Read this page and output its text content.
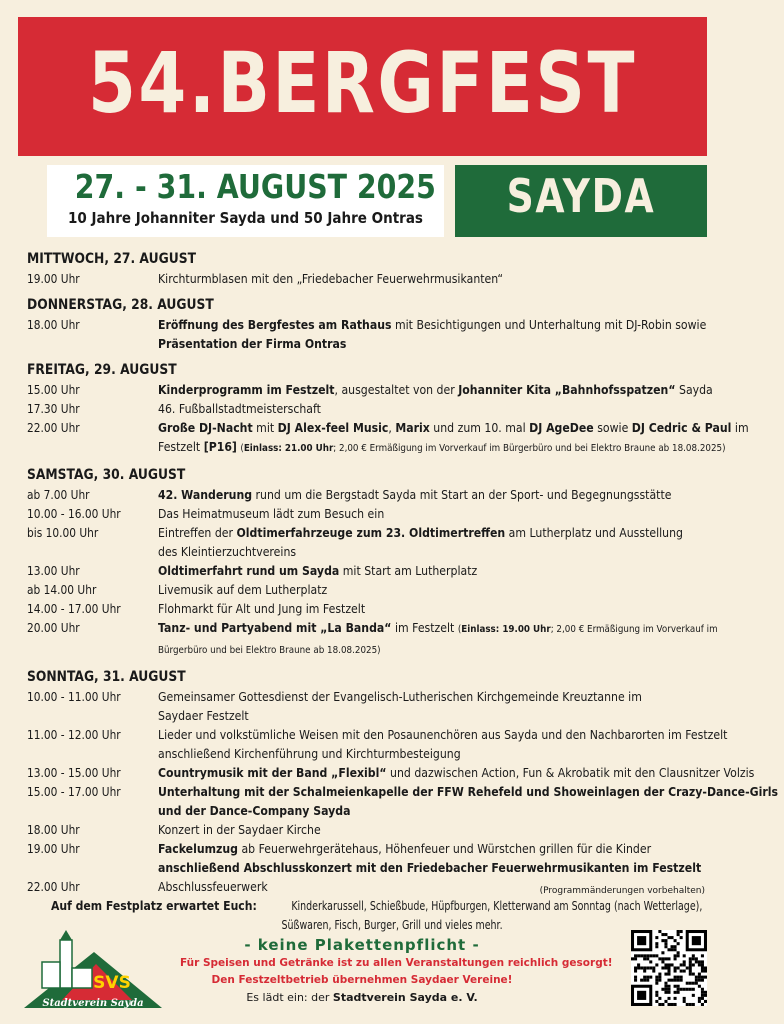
54.BERGFEST
27. - 31. AUGUST 2025
10 Jahre Johanniter Sayda und 50 Jahre Ontras	SAYDA
MITTWOCH, 27. AUGUST
19.00 Uhr	Kirchturmblasen mit den „Friedebacher Feuerwehrmusikanten“
DONNERSTAG, 28. AUGUST
18.00 Uhr	Eröffnung des Bergfestes am Rathaus mit Besichtigungen und Unterhaltung mit DJ-Robin sowie
Präsentation der Firma Ontras
FREITAG, 29. AUGUST
15.00 Uhr	Kinderprogramm im Festzelt, ausgestaltet von der Johanniter Kita „Bahnhofsspatzen“ Sayda
17.30 Uhr	46. Fußballstadtmeisterschaft
22.00 Uhr	Große DJ-Nacht mit DJ Alex-feel Music, Marix und zum 10. mal DJ AgeDee sowie DJ Cedric & Paul im
Festzelt [P16] (Einlass: 21.00 Uhr; 2,00 € Ermäßigung im Vorverkauf im Bürgerbüro und bei Elektro Braune ab 18.08.2025)
SAMSTAG, 30. AUGUST
ab 7.00 Uhr	42. Wanderung rund um die Bergstadt Sayda mit Start an der Sport- und Begegnungsstätte
10.00 - 16.00 Uhr	Das Heimatmuseum lädt zum Besuch ein
bis 10.00 Uhr	Eintreffen der Oldtimerfahrzeuge zum 23. Oldtimertreffen am Lutherplatz und Ausstellung
des Kleintierzuchtvereins
13.00 Uhr	Oldtimerfahrt rund um Sayda mit Start am Lutherplatz
ab 14.00 Uhr	Livemusik auf dem Lutherplatz
14.00 - 17.00 Uhr	Flohmarkt für Alt und Jung im Festzelt
20.00 Uhr	Tanz- und Partyabend mit „La Banda“ im Festzelt (Einlass: 19.00 Uhr; 2,00 € Ermäßigung im Vorverkauf im
Bürgerbüro und bei Elektro Braune ab 18.08.2025)
SONNTAG, 31. AUGUST
10.00 - 11.00 Uhr	Gemeinsamer Gottesdienst der Evangelisch-Lutherischen Kirchgemeinde Kreuztanne im
Saydaer Festzelt
11.00 - 12.00 Uhr	Lieder und volkstümliche Weisen mit den Posaunenchören aus Sayda und den Nachbarorten im Festzelt
anschließend Kirchenführung und Kirchturmbesteigung
13.00 - 15.00 Uhr	Countrymusik mit der Band „Flexibl“ und dazwischen Action, Fun & Akrobatik mit den Clausnitzer Volzis
15.00 - 17.00 Uhr	Unterhaltung mit der Schalmeienkapelle der FFW Rehefeld und Showeinlagen der Crazy-Dance-Girls
und der Dance-Company Sayda
18.00 Uhr	Konzert in der Saydaer Kirche
19.00 Uhr	Fackelumzug ab Feuerwehrgerätehaus, Höhenfeuer und Würstchen grillen für die Kinder
anschließend Abschlusskonzert mit den Friedebacher Feuerwehrmusikanten im Festzelt
22.00 Uhr	Abschlussfeuerwerk	(Programmänderungen vorbehalten)
Auf dem Festplatz erwartet Euch:	Kinderkarussell, Schießbude, Hüpfburgen, Kletterwand am Sonntag (nach Wetterlage),
Süßwaren, Fisch, Burger, Grill und vieles mehr.
SVS
Stadtverein Sayda
- keine Plakettenpflicht -
Für Speisen und Getränke ist zu allen Veranstaltungen reichlich gesorgt!
Den Festzeltbetrieb übernehmen Saydaer Vereine!
Es lädt ein: der Stadtverein Sayda e. V.
